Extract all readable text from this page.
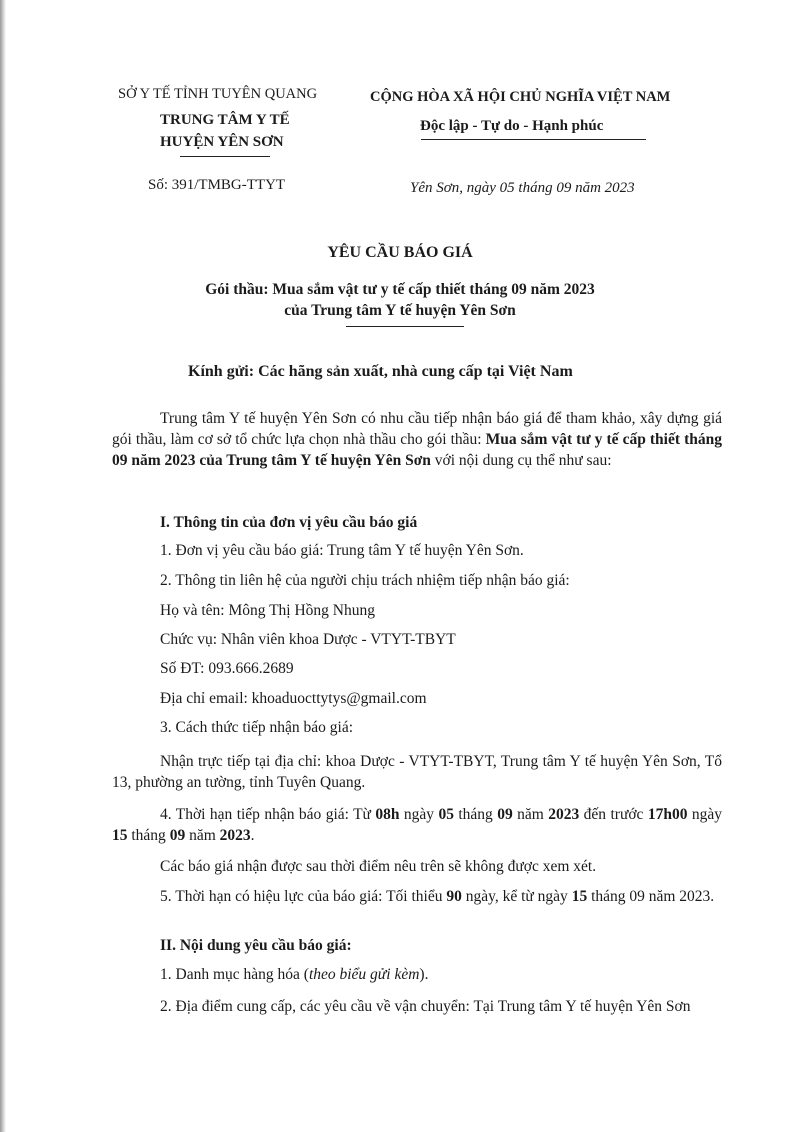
SỞ Y TẾ TỈNH TUYÊN QUANG
TRUNG TÂM Y TẾ
HUYỆN YÊN SƠN
Số: 391/TMBG-TTYT
CỘNG HÒA XÃ HỘI CHỦ NGHĨA VIỆT NAM
Độc lập - Tự do - Hạnh phúc
Yên Sơn, ngày 05 tháng 09 năm 2023
YÊU CẦU BÁO GIÁ
Gói thầu: Mua sắm vật tư y tế cấp thiết tháng 09 năm 2023
của Trung tâm Y tế huyện Yên Sơn
Kính gửi: Các hãng sản xuất, nhà cung cấp tại Việt Nam
Trung tâm Y tế huyện Yên Sơn có nhu cầu tiếp nhận báo giá để tham khảo, xây dựng giá gói thầu, làm cơ sở tổ chức lựa chọn nhà thầu cho gói thầu: Mua sắm vật tư y tế cấp thiết tháng 09 năm 2023 của Trung tâm Y tế huyện Yên Sơn với nội dung cụ thể như sau:
I. Thông tin của đơn vị yêu cầu báo giá
1. Đơn vị yêu cầu báo giá: Trung tâm Y tế huyện Yên Sơn.
2. Thông tin liên hệ của người chịu trách nhiệm tiếp nhận báo giá:
Họ và tên: Mông Thị Hồng Nhung
Chức vụ: Nhân viên khoa Dược - VTYT-TBYT
Số ĐT: 093.666.2689
Địa chỉ email: khoaduocttytys@gmail.com
3. Cách thức tiếp nhận báo giá:
Nhận trực tiếp tại địa chỉ: khoa Dược - VTYT-TBYT, Trung tâm Y tế huyện Yên Sơn, Tổ 13, phường an tường, tỉnh Tuyên Quang.
4. Thời hạn tiếp nhận báo giá: Từ 08h ngày 05 tháng 09 năm 2023 đến trước 17h00 ngày 15 tháng 09 năm 2023.
Các báo giá nhận được sau thời điểm nêu trên sẽ không được xem xét.
5. Thời hạn có hiệu lực của báo giá: Tối thiểu 90 ngày, kể từ ngày 15 tháng 09 năm 2023.
II. Nội dung yêu cầu báo giá:
1. Danh mục hàng hóa (theo biểu gửi kèm).
2. Địa điểm cung cấp, các yêu cầu về vận chuyển: Tại Trung tâm Y tế huyện Yên Sơn
